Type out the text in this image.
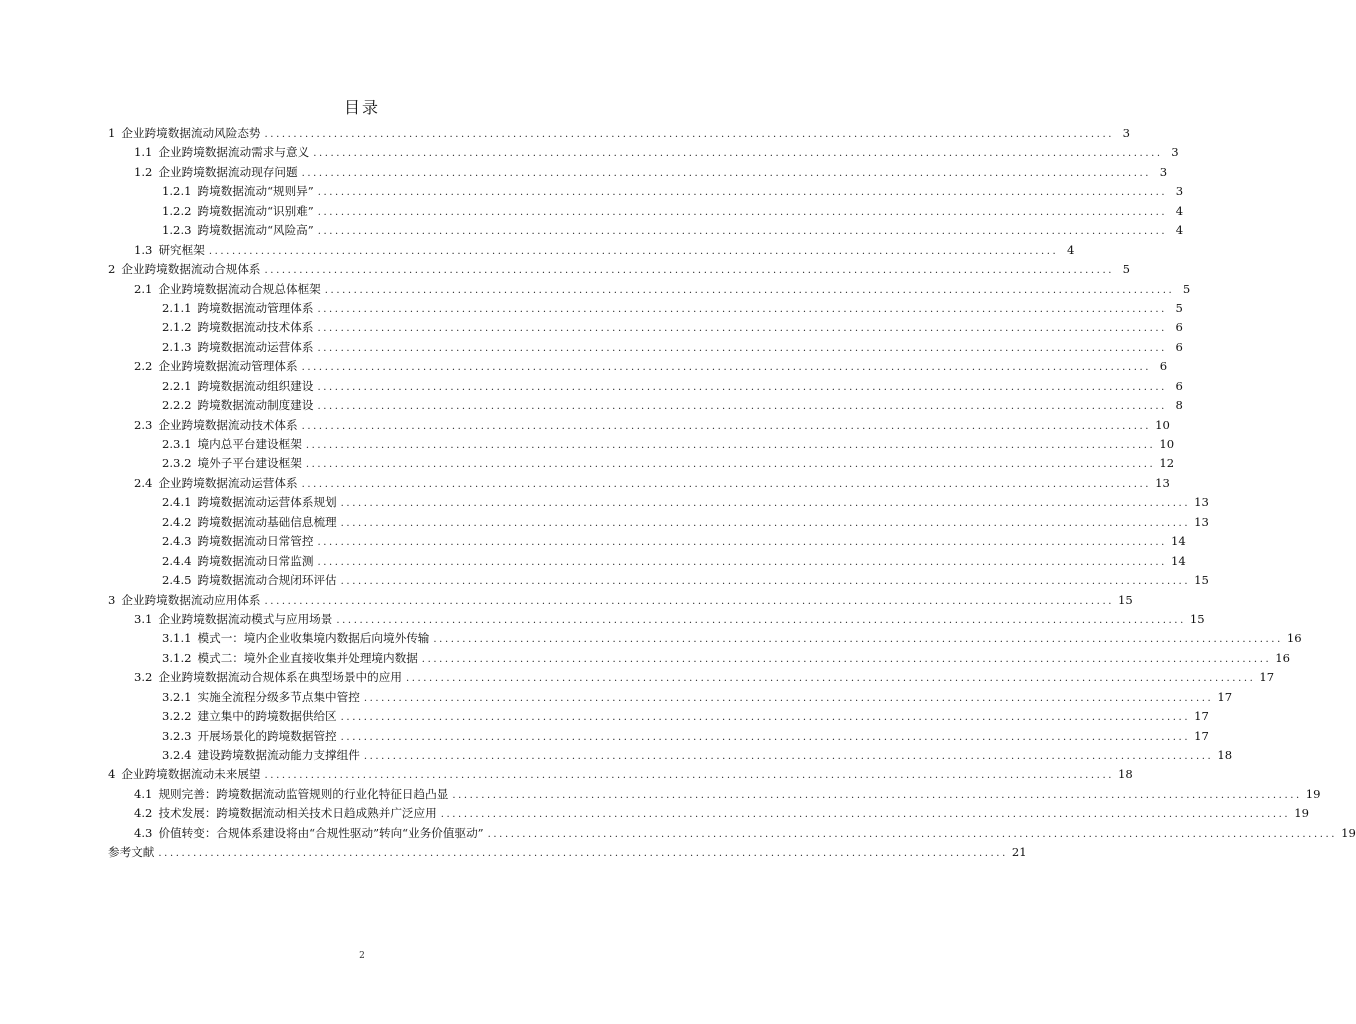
目录
1 企业跨境数据流动风险态势 .....	3
1.1 企业跨境数据流动需求与意义 .....	3
1.2 企业跨境数据流动现存问题 .....	3
1.2.1 跨境数据流动“规则异” .....	3
1.2.2 跨境数据流动“识别难” .....	4
1.2.3 跨境数据流动“风险高” .....	4
1.3 研究框架 .....	4
2 企业跨境数据流动合规体系 .....	5
2.1 企业跨境数据流动合规总体框架 .....	5
2.1.1 跨境数据流动管理体系 .....	5
2.1.2 跨境数据流动技术体系 .....	6
2.1.3 跨境数据流动运营体系 .....	6
2.2 企业跨境数据流动管理体系 .....	6
2.2.1 跨境数据流动组织建设 .....	6
2.2.2 跨境数据流动制度建设 .....	8
2.3 企业跨境数据流动技术体系 .....	10
2.3.1 境内总平台建设框架 .....	10
2.3.2 境外子平台建设框架 .....	12
2.4 企业跨境数据流动运营体系 .....	13
2.4.1 跨境数据流动运营体系规划 .....	13
2.4.2 跨境数据流动基础信息梳理 .....	13
2.4.3 跨境数据流动日常管控 .....	14
2.4.4 跨境数据流动日常监测 .....	14
2.4.5 跨境数据流动合规闭环评估 .....	15
3 企业跨境数据流动应用体系 .....	15
3.1 企业跨境数据流动模式与应用场景 .....	15
3.1.1 模式一：境内企业收集境内数据后向境外传输 .....	16
3.1.2 模式二：境外企业直接收集并处理境内数据 .....	16
3.2 企业跨境数据流动合规体系在典型场景中的应用 .....	17
3.2.1 实施全流程分级多节点集中管控 .....	17
3.2.2 建立集中的跨境数据供给区 .....	17
3.2.3 开展场景化的跨境数据管控 .....	17
3.2.4 建设跨境数据流动能力支撑组件 .....	18
4 企业跨境数据流动未来展望 .....	18
4.1 规则完善：跨境数据流动监管规则的行业化特征日趋凸显 .....	19
4.2 技术发展：跨境数据流动相关技术日趋成熟并广泛应用 .....	19
4.3 价值转变：合规体系建设将由“合规性驱动”转向“业务价值驱动” .....	19
参考文献 .....	21
2
